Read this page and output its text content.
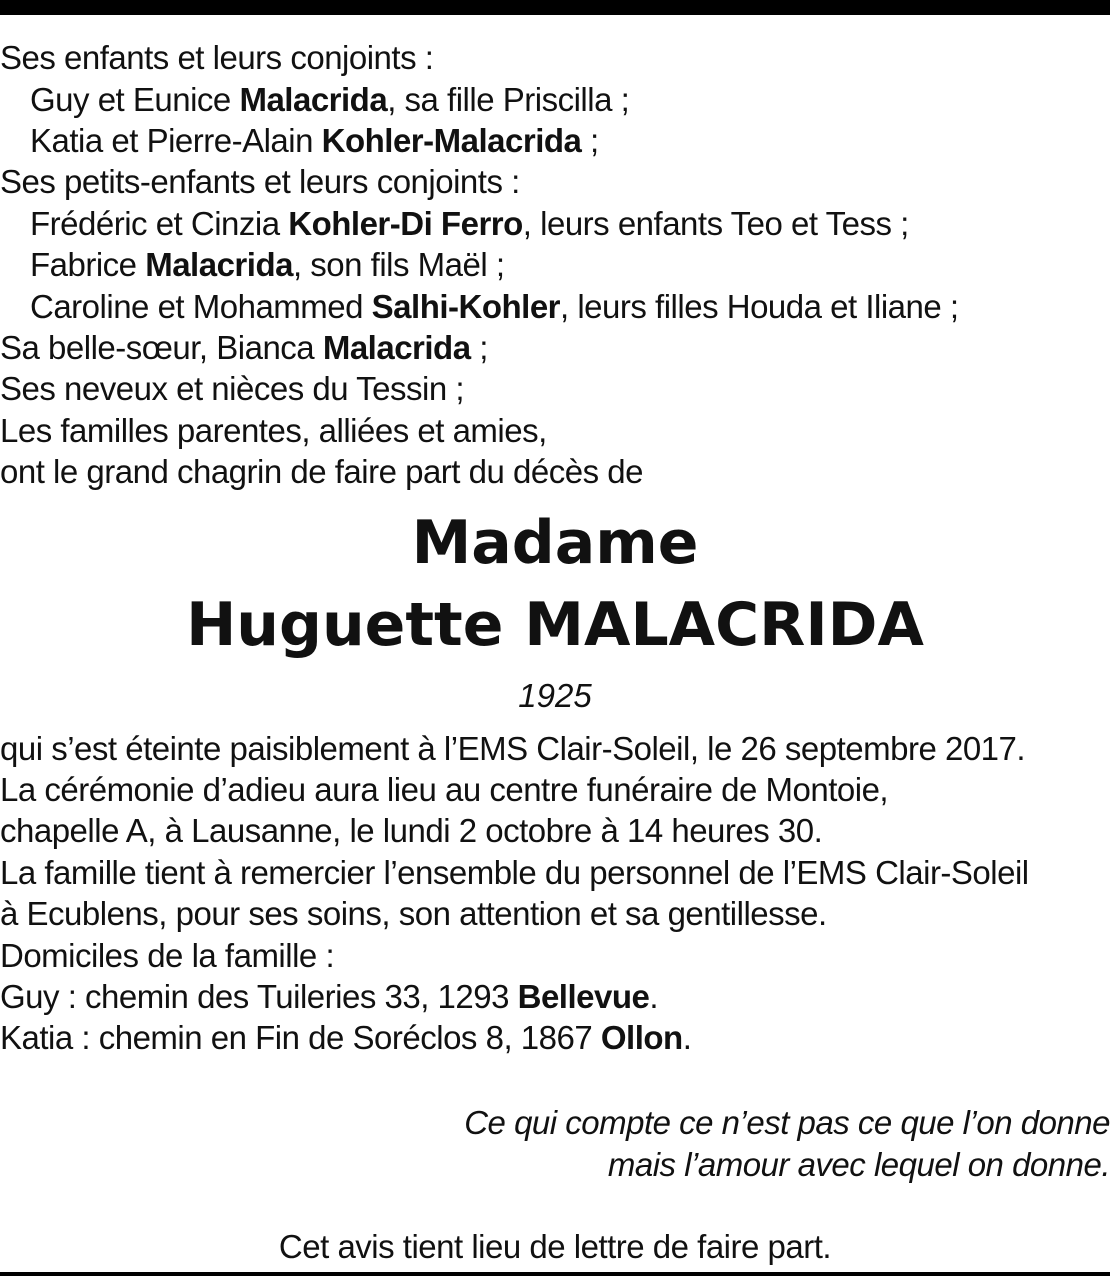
Ses enfants et leurs conjoints :
Guy et Eunice Malacrida, sa fille Priscilla ;
Katia et Pierre-Alain Kohler-Malacrida ;
Ses petits-enfants et leurs conjoints :
Frédéric et Cinzia Kohler-Di Ferro, leurs enfants Teo et Tess ;
Fabrice Malacrida, son fils Maël ;
Caroline et Mohammed Salhi-Kohler, leurs filles Houda et Iliane ;
Sa belle-sœur, Bianca Malacrida ;
Ses neveux et nièces du Tessin ;
Les familles parentes, alliées et amies,
ont le grand chagrin de faire part du décès de
Madame
Huguette MALACRIDA
1925
qui s’est éteinte paisiblement à l’EMS Clair-Soleil, le 26 septembre 2017.
La cérémonie d’adieu aura lieu au centre funéraire de Montoie,
chapelle A, à Lausanne, le lundi 2 octobre à 14 heures 30.
La famille tient à remercier l’ensemble du personnel de l’EMS Clair-Soleil
à Ecublens, pour ses soins, son attention et sa gentillesse.
Domiciles de la famille :
Guy : chemin des Tuileries 33, 1293 Bellevue.
Katia : chemin en Fin de Soréclos 8, 1867 Ollon.
Ce qui compte ce n’est pas ce que l’on donne
mais l’amour avec lequel on donne.
Cet avis tient lieu de lettre de faire part.
